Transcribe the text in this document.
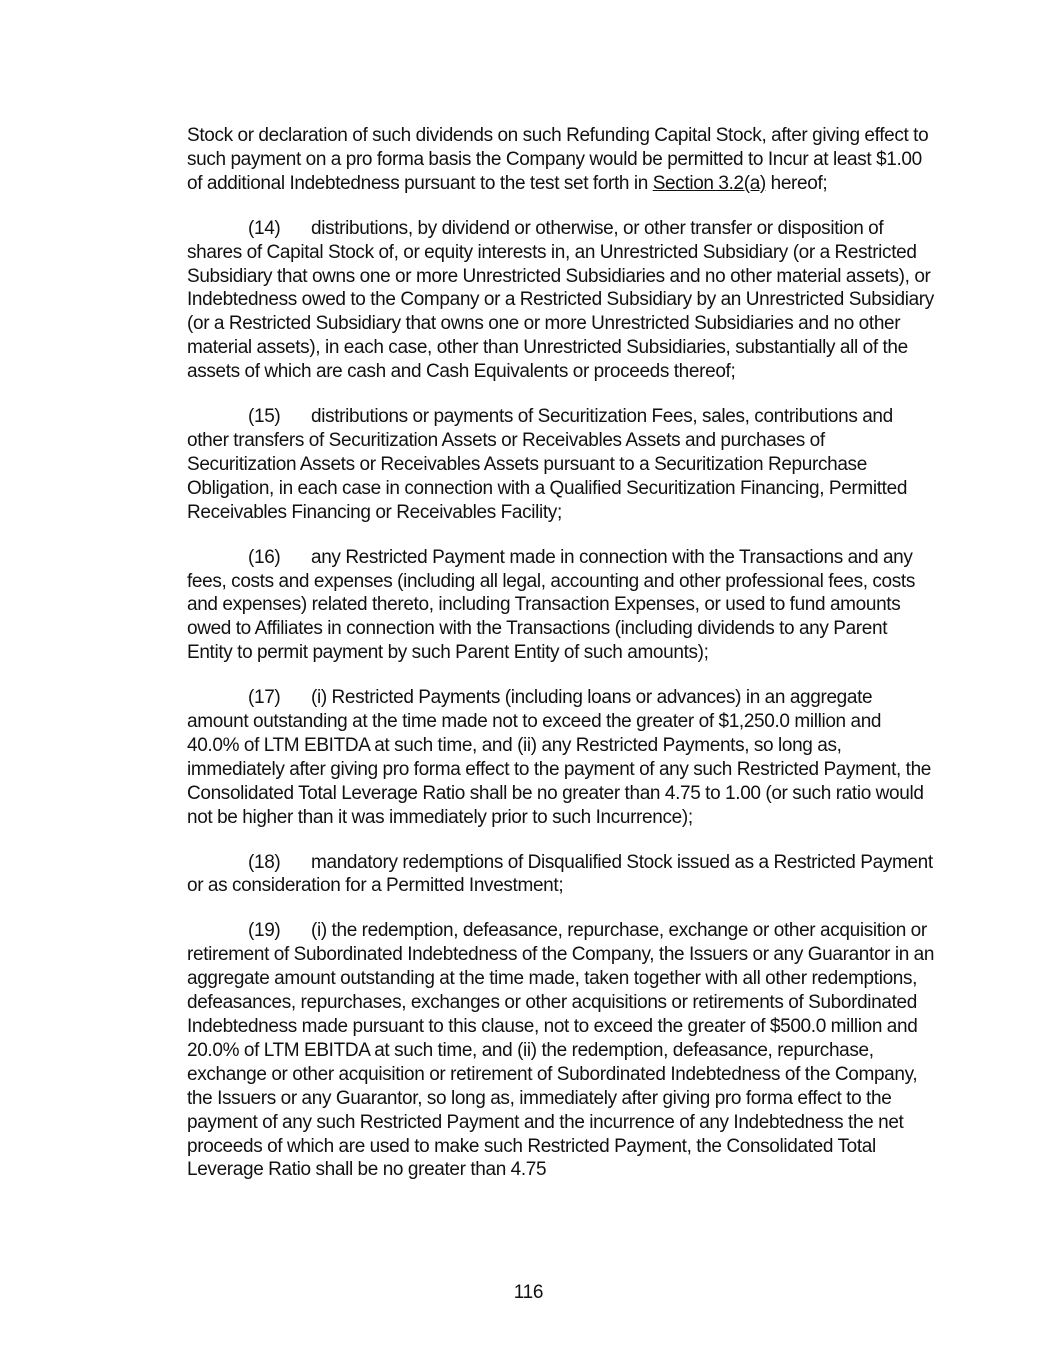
Stock or declaration of such dividends on such Refunding Capital Stock, after giving effect to such payment on a pro forma basis the Company would be permitted to Incur at least $1.00 of additional Indebtedness pursuant to the test set forth in Section 3.2(a) hereof;

(14) distributions, by dividend or otherwise, or other transfer or disposition of shares of Capital Stock of, or equity interests in, an Unrestricted Subsidiary (or a Restricted Subsidiary that owns one or more Unrestricted Subsidiaries and no other material assets), or Indebtedness owed to the Company or a Restricted Subsidiary by an Unrestricted Subsidiary (or a Restricted Subsidiary that owns one or more Unrestricted Subsidiaries and no other material assets), in each case, other than Unrestricted Subsidiaries, substantially all of the assets of which are cash and Cash Equivalents or proceeds thereof;

(15) distributions or payments of Securitization Fees, sales, contributions and other transfers of Securitization Assets or Receivables Assets and purchases of Securitization Assets or Receivables Assets pursuant to a Securitization Repurchase Obligation, in each case in connection with a Qualified Securitization Financing, Permitted Receivables Financing or Receivables Facility;

(16) any Restricted Payment made in connection with the Transactions and any fees, costs and expenses (including all legal, accounting and other professional fees, costs and expenses) related thereto, including Transaction Expenses, or used to fund amounts owed to Affiliates in connection with the Transactions (including dividends to any Parent Entity to permit payment by such Parent Entity of such amounts);

(17) (i) Restricted Payments (including loans or advances) in an aggregate amount outstanding at the time made not to exceed the greater of $1,250.0 million and 40.0% of LTM EBITDA at such time, and (ii) any Restricted Payments, so long as, immediately after giving pro forma effect to the payment of any such Restricted Payment, the Consolidated Total Leverage Ratio shall be no greater than 4.75 to 1.00 (or such ratio would not be higher than it was immediately prior to such Incurrence);

(18) mandatory redemptions of Disqualified Stock issued as a Restricted Payment or as consideration for a Permitted Investment;

(19) (i) the redemption, defeasance, repurchase, exchange or other acquisition or retirement of Subordinated Indebtedness of the Company, the Issuers or any Guarantor in an aggregate amount outstanding at the time made, taken together with all other redemptions, defeasances, repurchases, exchanges or other acquisitions or retirements of Subordinated Indebtedness made pursuant to this clause, not to exceed the greater of $500.0 million and 20.0% of LTM EBITDA at such time, and (ii) the redemption, defeasance, repurchase, exchange or other acquisition or retirement of Subordinated Indebtedness of the Company, the Issuers or any Guarantor, so long as, immediately after giving pro forma effect to the payment of any such Restricted Payment and the incurrence of any Indebtedness the net proceeds of which are used to make such Restricted Payment, the Consolidated Total Leverage Ratio shall be no greater than 4.75

116
